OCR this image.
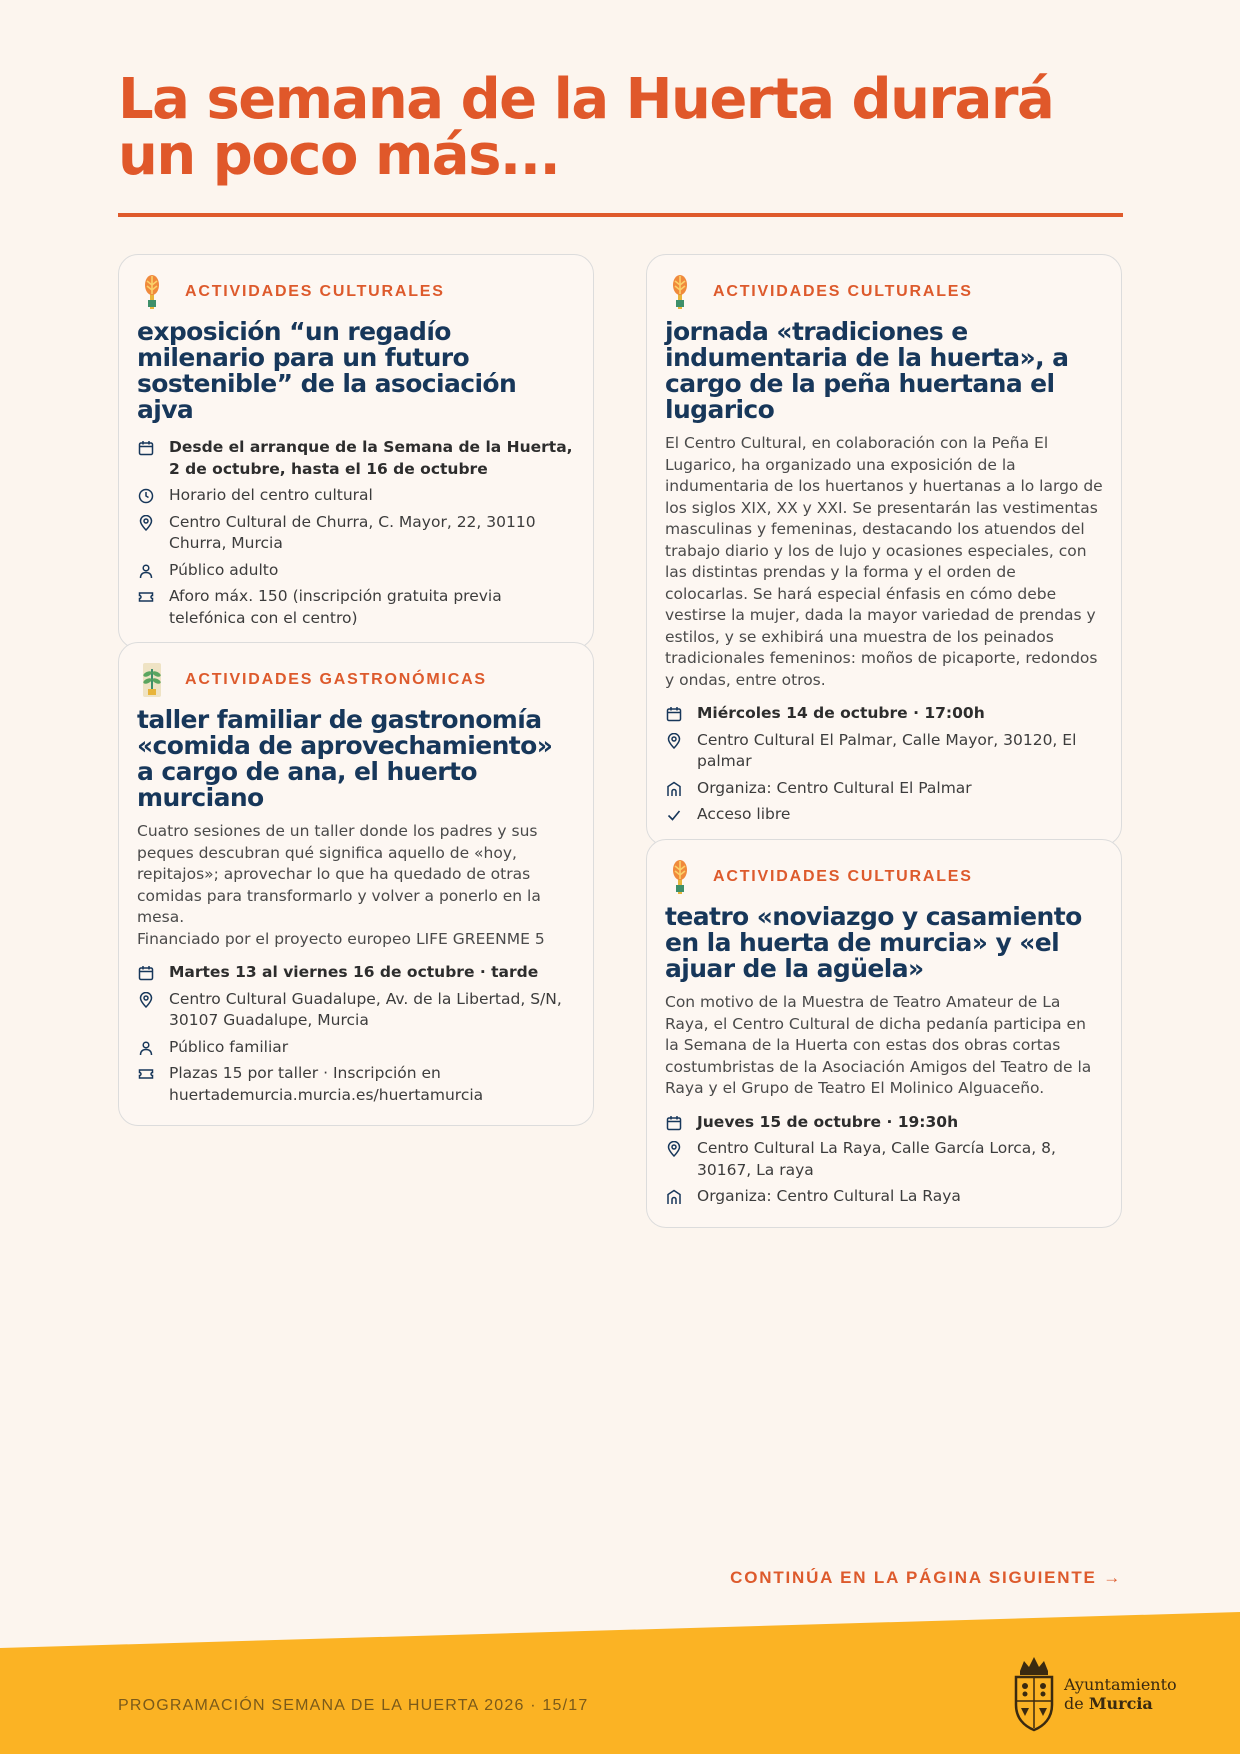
La semana de la Huerta durará un poco más...
ACTIVIDADES CULTURALES
exposición “un regadío milenario para un futuro sostenible” de la asociación ajva
Desde el arranque de la Semana de la Huerta, 2 de octubre, hasta el 16 de octubre
Horario del centro cultural
Centro Cultural de Churra, C. Mayor, 22, 30110 Churra, Murcia
Público adulto
Aforo máx. 150 (inscripción gratuita previa telefónica con el centro)
ACTIVIDADES GASTRONÓMICAS
taller familiar de gastronomía «comida de aprovechamiento» a cargo de ana, el huerto murciano
Cuatro sesiones de un taller donde los padres y sus peques descubran qué significa aquello de «hoy, repitajos»; aprovechar lo que ha quedado de otras comidas para transformarlo y volver a ponerlo en la mesa.
Financiado por el proyecto europeo LIFE GREENME 5
Martes 13 al viernes 16 de octubre · tarde
Centro Cultural Guadalupe, Av. de la Libertad, S/N, 30107 Guadalupe, Murcia
Público familiar
Plazas 15 por taller · Inscripción en huertademurcia.murcia.es/huertamurcia
ACTIVIDADES CULTURALES
jornada «tradiciones e indumentaria de la huerta», a cargo de la peña huertana el lugarico
El Centro Cultural, en colaboración con la Peña El Lugarico, ha organizado una exposición de la indumentaria de los huertanos y huertanas a lo largo de los siglos XIX, XX y XXI. Se presentarán las vestimentas masculinas y femeninas, destacando los atuendos del trabajo diario y los de lujo y ocasiones especiales, con las distintas prendas y la forma y el orden de colocarlas. Se hará especial énfasis en cómo debe vestirse la mujer, dada la mayor variedad de prendas y estilos, y se exhibirá una muestra de los peinados tradicionales femeninos: moños de picaporte, redondos y ondas, entre otros.
Miércoles 14 de octubre · 17:00h
Centro Cultural El Palmar, Calle Mayor, 30120, El palmar
Organiza: Centro Cultural El Palmar
Acceso libre
ACTIVIDADES CULTURALES
teatro «noviazgo y casamiento en la huerta de murcia» y «el ajuar de la agüela»
Con motivo de la Muestra de Teatro Amateur de La Raya, el Centro Cultural de dicha pedanía participa en la Semana de la Huerta con estas dos obras cortas costumbristas de la Asociación Amigos del Teatro de la Raya y el Grupo de Teatro El Molinico Alguaceño.
Jueves 15 de octubre · 19:30h
Centro Cultural La Raya, Calle García Lorca, 8, 30167, La raya
Organiza: Centro Cultural La Raya
CONTINÚA EN LA PÁGINA SIGUIENTE →
PROGRAMACIÓN SEMANA DE LA HUERTA 2026 · 15/17
Ayuntamiento
de Murcia
